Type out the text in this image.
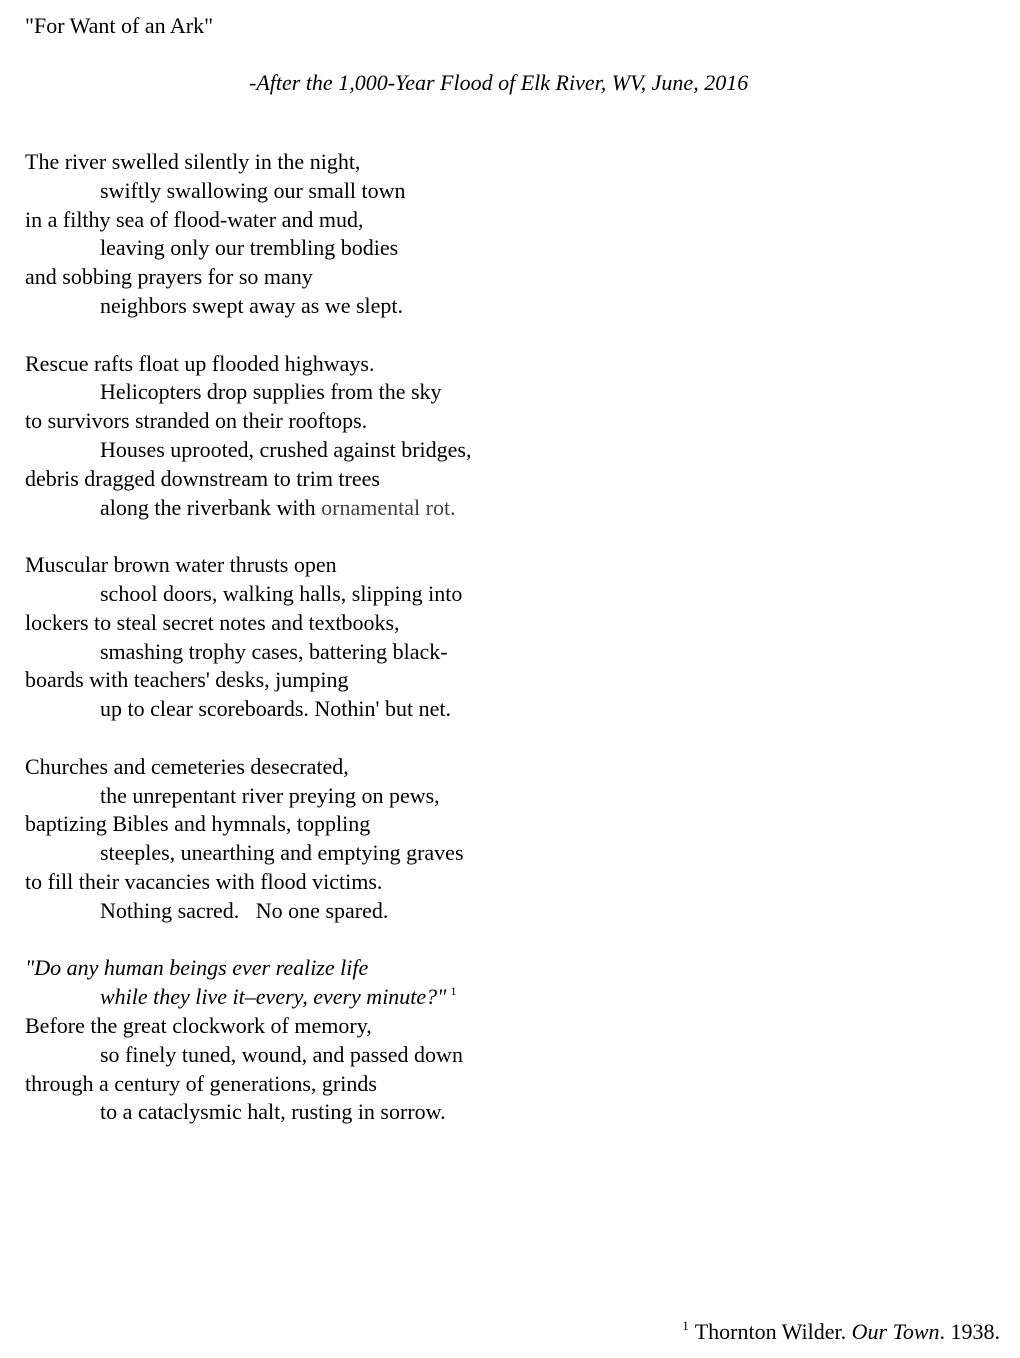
"For Want of an Ark"
-After the 1,000-Year Flood of Elk River, WV, June, 2016
The river swelled silently in the night,
swiftly swallowing our small town
in a filthy sea of flood-water and mud,
leaving only our trembling bodies
and sobbing prayers for so many
neighbors swept away as we slept.
Rescue rafts float up flooded highways.
Helicopters drop supplies from the sky
to survivors stranded on their rooftops.
Houses uprooted, crushed against bridges,
debris dragged downstream to trim trees
along the riverbank with ornamental rot.
Muscular brown water thrusts open
school doors, walking halls, slipping into
lockers to steal secret notes and textbooks,
smashing trophy cases, battering black-
boards with teachers' desks, jumping
up to clear scoreboards. Nothin' but net.
Churches and cemeteries desecrated,
the unrepentant river preying on pews,
baptizing Bibles and hymnals, toppling
steeples, unearthing and emptying graves
to fill their vacancies with flood victims.
Nothing sacred.   No one spared.
"Do any human beings ever realize life
while they live it–every, every minute?" $^1$
Before the great clockwork of memory,
so finely tuned, wound, and passed down
through a century of generations, grinds
to a cataclysmic halt, rusting in sorrow.
$^1$ Thornton Wilder. Our Town. 1938.
